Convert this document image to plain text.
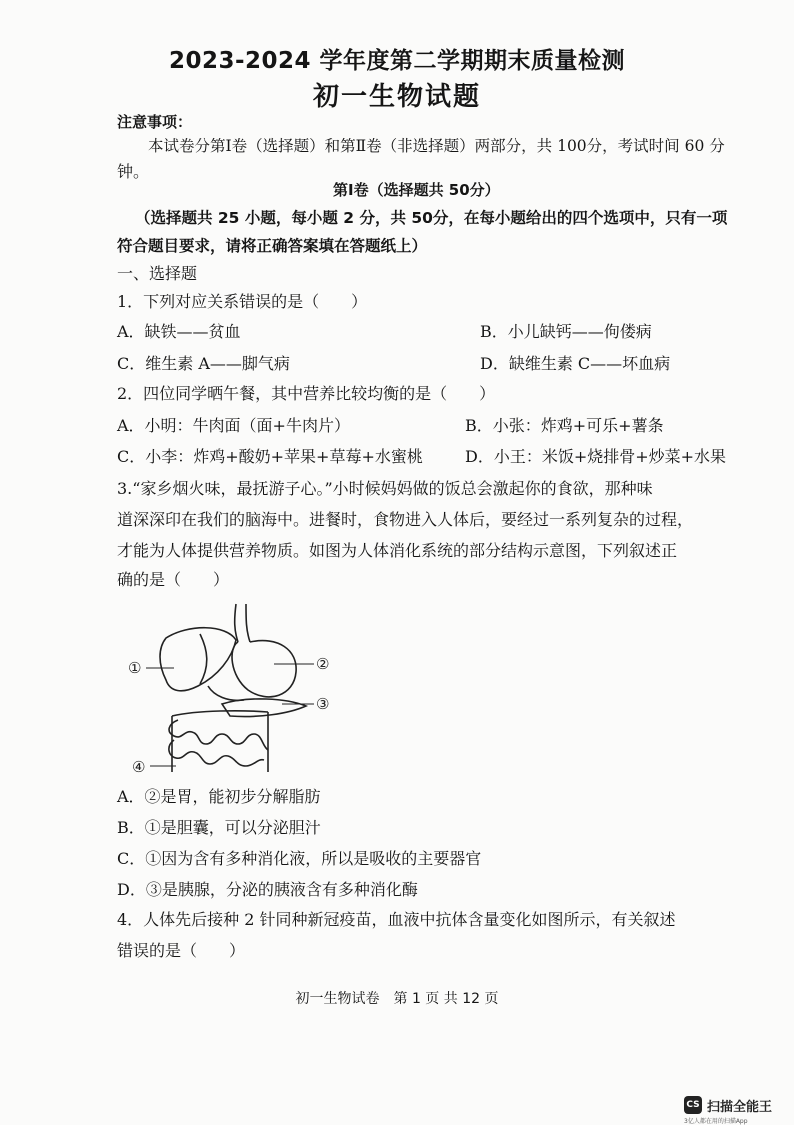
2023-2024 学年度第二学期期末质量检测
初一生物试题
注意事项：
本试卷分第Ⅰ卷（选择题）和第Ⅱ卷（非选择题）两部分，共 100分，考试时间 60 分
钟。
第Ⅰ卷（选择题共 50分）
（选择题共 25 小题，每小题 2 分，共 50分，在每小题给出的四个选项中，只有一项
符合题目要求，请将正确答案填在答题纸上）
一、选择题
1．下列对应关系错误的是（　　）
A．缺铁——贫血	B．小儿缺钙——佝偻病
C．维生素 A——脚气病	D．缺维生素 C——坏血病
2．四位同学晒午餐，其中营养比较均衡的是（　　）
A．小明：牛肉面（面+牛肉片）	B．小张：炸鸡+可乐+薯条
C．小李：炸鸡+酸奶+苹果+草莓+水蜜桃	D．小王：米饭+烧排骨+炒菜+水果
3.“家乡烟火味，最抚游子心。”小时候妈妈做的饭总会激起你的食欲，那种味
道深深印在我们的脑海中。进餐时，食物进入人体后，要经过一系列复杂的过程，
才能为人体提供营养物质。如图为人体消化系统的部分结构示意图，下列叙述正
确的是（　　）
①	②
③
④
A．②是胃，能初步分解脂肪
B．①是胆囊，可以分泌胆汁
C．①因为含有多种消化液，所以是吸收的主要器官
D．③是胰腺，分泌的胰液含有多种消化酶
4．人体先后接种 2 针同种新冠疫苗，血液中抗体含量变化如图所示，有关叙述
错误的是（　　）
初一生物试卷　第 1 页 共 12 页
CS 扫描全能王
3亿人都在用的扫描App
